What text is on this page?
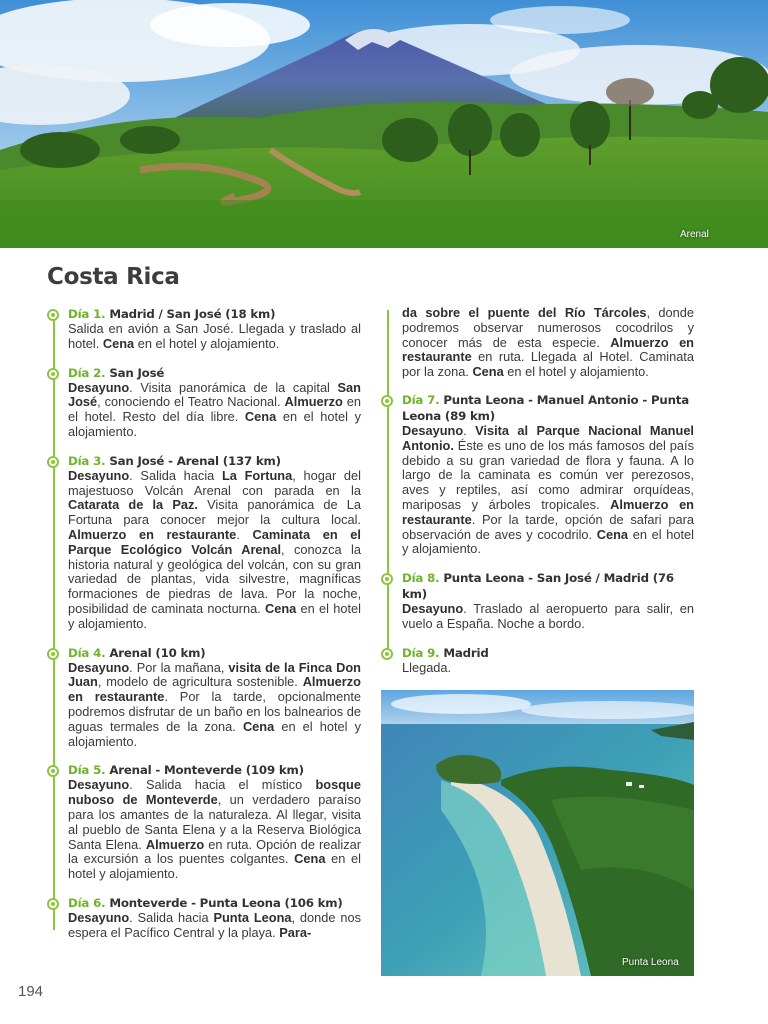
Arenal
Costa Rica
Día 1. Madrid / San José (18 km)

Salida en avión a San José. Llegada y traslado al hotel. Cena en el hotel y alojamiento.

Día 2. San José

Desayuno. Visita panorámica de la capital San José, conociendo el Teatro Nacional. Almuerzo en el hotel. Resto del día libre. Cena en el hotel y alojamiento.

Día 3. San José - Arenal (137 km)

Desayuno. Salida hacia La Fortuna, hogar del majestuoso Volcán Arenal con parada en la Catarata de la Paz. Visita panorámica de La Fortuna para conocer mejor la cultura local. Almuerzo en restaurante. Caminata en el Parque Ecológico Volcán Arenal, conozca la historia natural y geológica del volcán, con su gran variedad de plantas, vida silvestre, magníficas formaciones de piedras de lava. Por la noche, posibilidad de caminata nocturna. Cena en el hotel y alojamiento.

Día 4. Arenal (10 km)

Desayuno. Por la mañana, visita de la Finca Don Juan, modelo de agricultura sostenible. Almuerzo en restaurante. Por la tarde, opcionalmente podremos disfrutar de un baño en los balnearios de aguas termales de la zona. Cena en el hotel y alojamiento.

Día 5. Arenal - Monteverde (109 km)

Desayuno. Salida hacia el místico bosque nuboso de Monteverde, un verdadero paraíso para los amantes de la naturaleza. Al llegar, visita al pueblo de Santa Elena y a la Reserva Biológica Santa Elena. Almuerzo en ruta. Opción de realizar la excursión a los puentes colgantes. Cena en el hotel y alojamiento.

Día 6. Monteverde - Punta Leona (106 km)

Desayuno. Salida hacia Punta Leona, donde nos espera el Pacífico Central y la playa. Para-

da sobre el puente del Río Tárcoles, donde podremos observar numerosos cocodrilos y conocer más de esta especie. Almuerzo en restaurante en ruta. Llegada al Hotel. Caminata por la zona. Cena en el hotel y alojamiento.

Día 7. Punta Leona - Manuel Antonio - Punta Leona (89 km)

Desayuno. Visita al Parque Nacional Manuel Antonio. Éste es uno de los más famosos del país debido a su gran variedad de flora y fauna. A lo largo de la caminata es común ver perezosos, aves y reptiles, así como admirar orquídeas, mariposas y árboles tropicales. Almuerzo en restaurante. Por la tarde, opción de safari para observación de aves y cocodrilo. Cena en el hotel y alojamiento.

Día 8. Punta Leona - San José / Madrid (76 km)

Desayuno. Traslado al aeropuerto para salir, en vuelo a España. Noche a bordo.

Día 9. Madrid

Llegada.

Punta Leona
194
